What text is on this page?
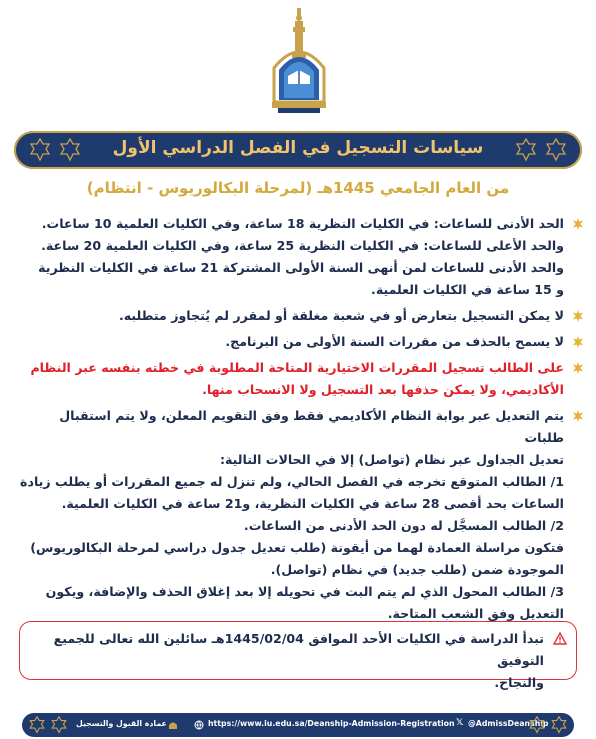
سياسات التسجيل في الفصل الدراسي الأول
من العام الجامعي 1445هـ (لمرحلة البكالوريوس - انتظام)
الحد الأدنى للساعات: في الكليات النظرية 18 ساعة، وفي الكليات العلمية 10 ساعات.
والحد الأعلى للساعات: في الكليات النظرية 25 ساعة، وفي الكليات العلمية 20 ساعة.
والحد الأدنى للساعات لمن أنهى السنة الأولى المشتركة 21 ساعة في الكليات النظرية
و 15 ساعة في الكليات العلمية.
لا يمكن التسجيل بتعارض أو في شعبة مغلقة أو لمقرر لم يُتجاوز متطلبه.
لا يسمح بالحذف من مقررات السنة الأولى من البرنامج.
على الطالب تسجيل المقررات الاختيارية المتاحة المطلوبة في خطته بنفسه عبر النظام
الأكاديمي، ولا يمكن حذفها بعد التسجيل ولا الانسحاب منها.
يتم التعديل عبر بوابة النظام الأكاديمي فقط وفق التقويم المعلن، ولا يتم استقبال طلبات
تعديل الجداول عبر نظام (تواصل) إلا في الحالات التالية:
1/ الطالب المتوقع تخرجه في الفصل الحالي، ولم تنزل له جميع المقررات أو يطلب زيادة
الساعات بحد أقصى 28 ساعة في الكليات النظرية، و21 ساعة في الكليات العلمية.
2/ الطالب المسجَّل له دون الحد الأدنى من الساعات.
فتكون مراسلة العمادة لهما من أيقونة (طلب تعديل جدول دراسي لمرحلة البكالوريوس)
الموجودة ضمن (طلب جديد) في نظام (تواصل).
3/ الطالب المحول الذي لم يتم البت في تحويله إلا بعد إغلاق الحذف والإضافة، ويكون
التعديل وفق الشعب المتاحة.
تبدأ الدراسة في الكليات الأحد الموافق 1445/02/04هـ سائلين الله تعالى للجميع التوفيق
والنجاح.
عمادة القبول والتسجيل	https://www.iu.edu.sa/Deanship-Admission-Registration 𝕏 @AdmissDeanship
